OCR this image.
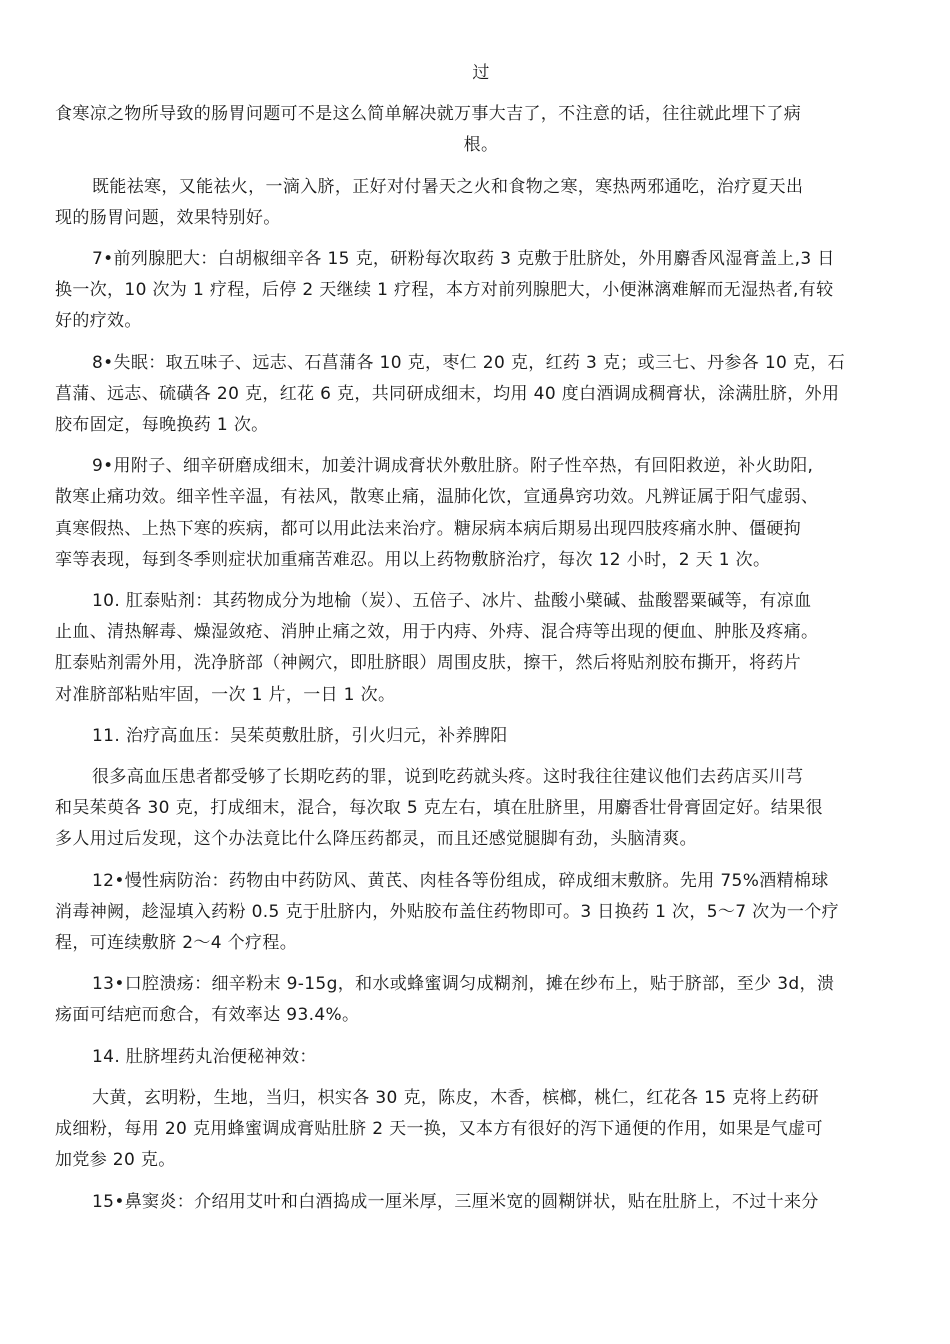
过
食寒凉之物所导致的肠胃问题可不是这么简单解决就万事大吉了，不注意的话，往往就此埋下了病
根。
既能祛寒，又能祛火，一滴入脐，正好对付暑天之火和食物之寒，寒热两邪通吃，治疗夏天出
现的肠胃问题，效果特别好。
7•前列腺肥大：白胡椒细辛各 15 克，研粉每次取药 3 克敷于肚脐处，外用麝香风湿膏盖上,3 日
换一次，10 次为 1 疗程，后停 2 天继续 1 疗程，本方对前列腺肥大，小便淋漓难解而无湿热者,有较
好的疗效。
8•失眠：取五味子、远志、石菖蒲各 10 克，枣仁 20 克，红药 3 克；或三七、丹参各 10 克，石
菖蒲、远志、硫磺各 20 克，红花 6 克，共同研成细末，均用 40 度白酒调成稠膏状，涂满肚脐，外用
胶布固定，每晚换药 1 次。
9•用附子、细辛研磨成细末，加姜汁调成膏状外敷肚脐。附子性卒热，有回阳救逆，补火助阳,
散寒止痛功效。细辛性辛温，有祛风，散寒止痛，温肺化饮，宣通鼻窍功效。凡辨证属于阳气虚弱、
真寒假热、上热下寒的疾病，都可以用此法来治疗。糖尿病本病后期易出现四肢疼痛水肿、僵硬拘
挛等表现，每到冬季则症状加重痛苦难忍。用以上药物敷脐治疗，每次 12 小时，2 天 1 次。
10. 肛泰贴剂：其药物成分为地榆（炭）、五倍子、冰片、盐酸小檗碱、盐酸罂粟碱等，有凉血
止血、清热解毒、燥湿敛疮、消肿止痛之效，用于内痔、外痔、混合痔等出现的便血、肿胀及疼痛。
肛泰贴剂需外用，洗净脐部（神阙穴，即肚脐眼）周围皮肤，擦干，然后将贴剂胶布撕开，将药片
对准脐部粘贴牢固，一次 1 片，一日 1 次。
11. 治疗高血压：吴茱萸敷肚脐，引火归元，补养脾阳
很多高血压患者都受够了长期吃药的罪，说到吃药就头疼。这时我往往建议他们去药店买川芎
和吴茱萸各 30 克，打成细末，混合，每次取 5 克左右，填在肚脐里，用麝香壮骨膏固定好。结果很
多人用过后发现，这个办法竟比什么降压药都灵，而且还感觉腿脚有劲，头脑清爽。
12•慢性病防治：药物由中药防风、黄芪、肉桂各等份组成，碎成细末敷脐。先用 75%酒精棉球
消毒神阙，趁湿填入药粉 0.5 克于肚脐内，外贴胶布盖住药物即可。3 日换药 1 次，5～7 次为一个疗
程，可连续敷脐 2～4 个疗程。
13•口腔溃疡：细辛粉末 9-15g，和水或蜂蜜调匀成糊剂，摊在纱布上，贴于脐部，至少 3d，溃
疡面可结疤而愈合，有效率达 93.4%。
14. 肚脐埋药丸治便秘神效：
大黄，玄明粉，生地，当归，枳实各 30 克，陈皮，木香，槟榔，桃仁，红花各 15 克将上药研
成细粉，每用 20 克用蜂蜜调成膏贴肚脐 2 天一换，又本方有很好的泻下通便的作用，如果是气虚可
加党参 20 克。
15•鼻窦炎：介绍用艾叶和白酒捣成一厘米厚，三厘米宽的圆糊饼状，贴在肚脐上，不过十来分
